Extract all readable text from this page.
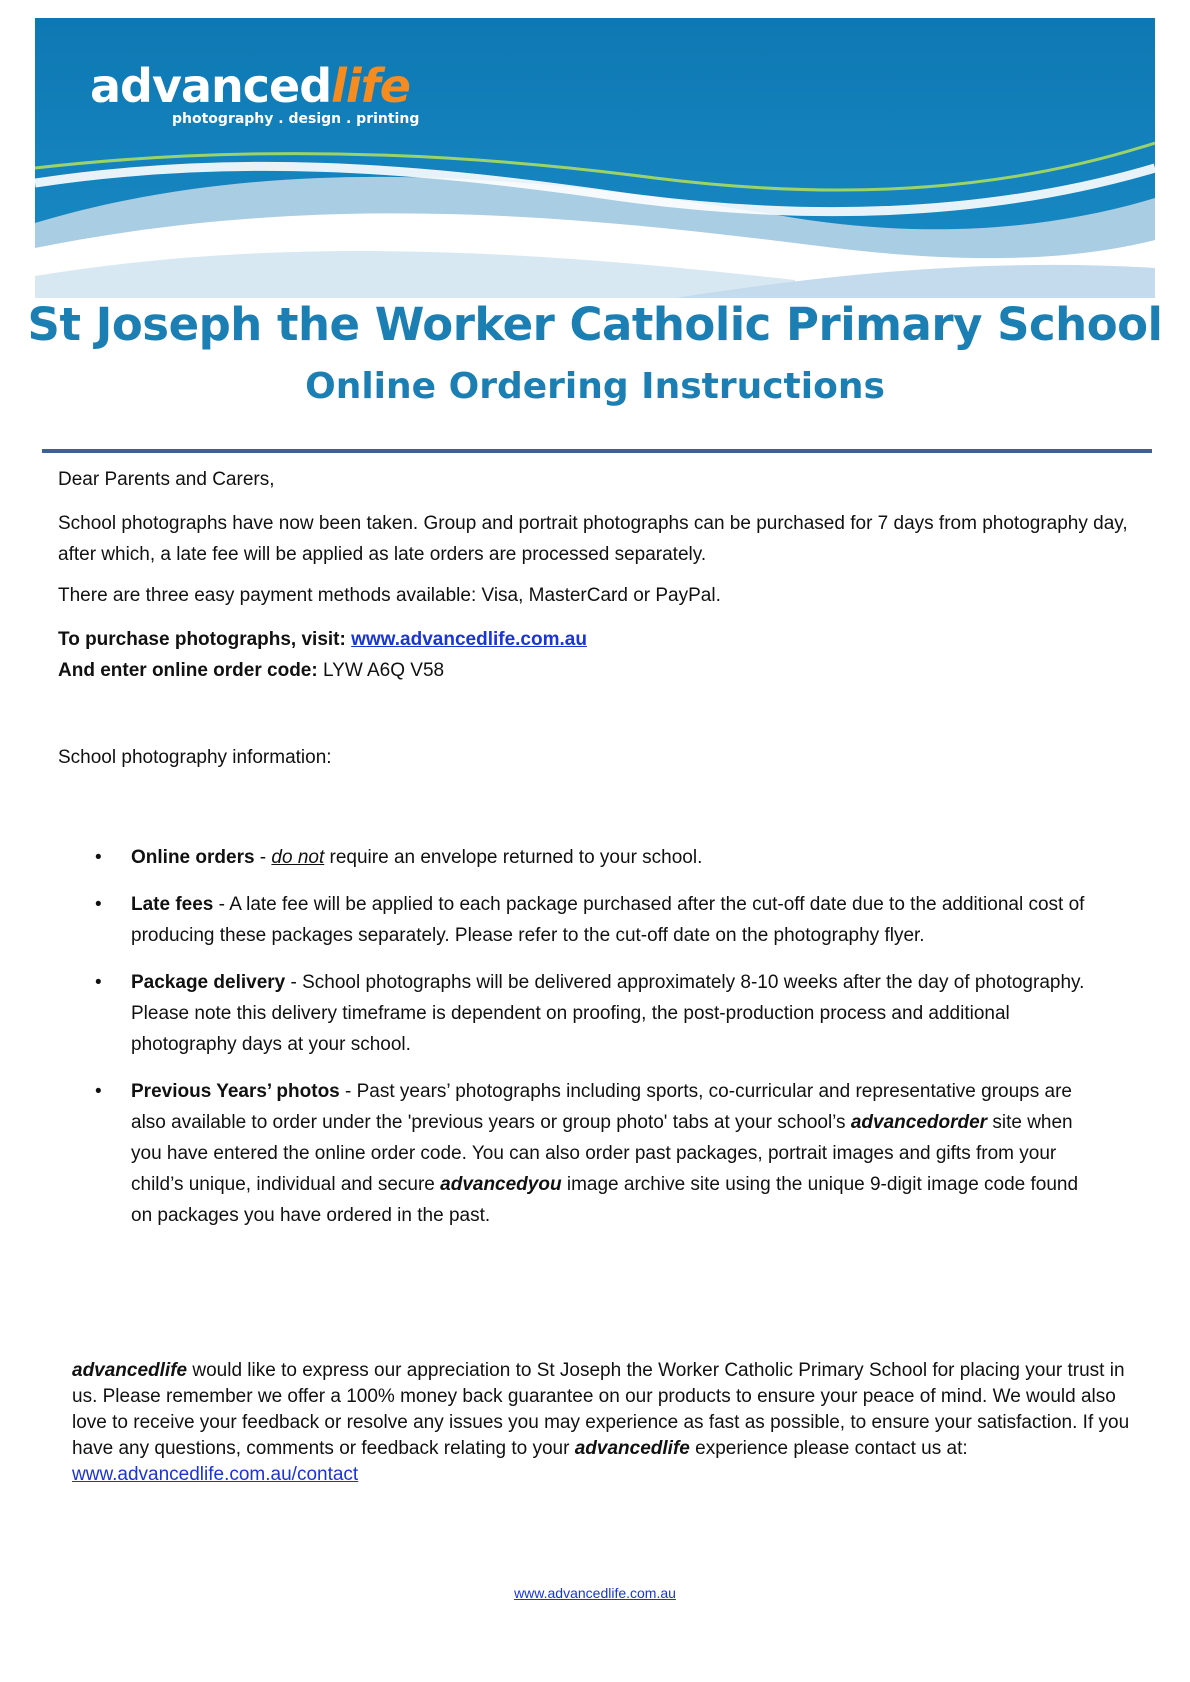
advancedlife
photography . design . printing
St Joseph the Worker Catholic Primary School
Online Ordering Instructions
Dear Parents and Carers,
School photographs have now been taken. Group and portrait photographs can be purchased for 7 days from photography day, after which, a late fee will be applied as late orders are processed separately.
There are three easy payment methods available: Visa, MasterCard or PayPal.
To purchase photographs, visit: www.advancedlife.com.au
And enter online order code: LYW A6Q V58
School photography information:
• Online orders - do not require an envelope returned to your school.
• Late fees - A late fee will be applied to each package purchased after the cut-off date due to the additional cost of producing these packages separately. Please refer to the cut-off date on the photography flyer.
• Package delivery - School photographs will be delivered approximately 8-10 weeks after the day of photography. Please note this delivery timeframe is dependent on proofing, the post-production process and additional photography days at your school.
• Previous Years’ photos - Past years’ photographs including sports, co-curricular and representative groups are also available to order under the 'previous years or group photo' tabs at your school’s advancedorder site when you have entered the online order code. You can also order past packages, portrait images and gifts from your child’s unique, individual and secure advancedyou image archive site using the unique 9-digit image code found on packages you have ordered in the past.
advancedlife would like to express our appreciation to St Joseph the Worker Catholic Primary School for placing your trust in us. Please remember we offer a 100% money back guarantee on our products to ensure your peace of mind. We would also love to receive your feedback or resolve any issues you may experience as fast as possible, to ensure your satisfaction. If you have any questions, comments or feedback relating to your advancedlife experience please contact us at: www.advancedlife.com.au/contact
www.advancedlife.com.au
